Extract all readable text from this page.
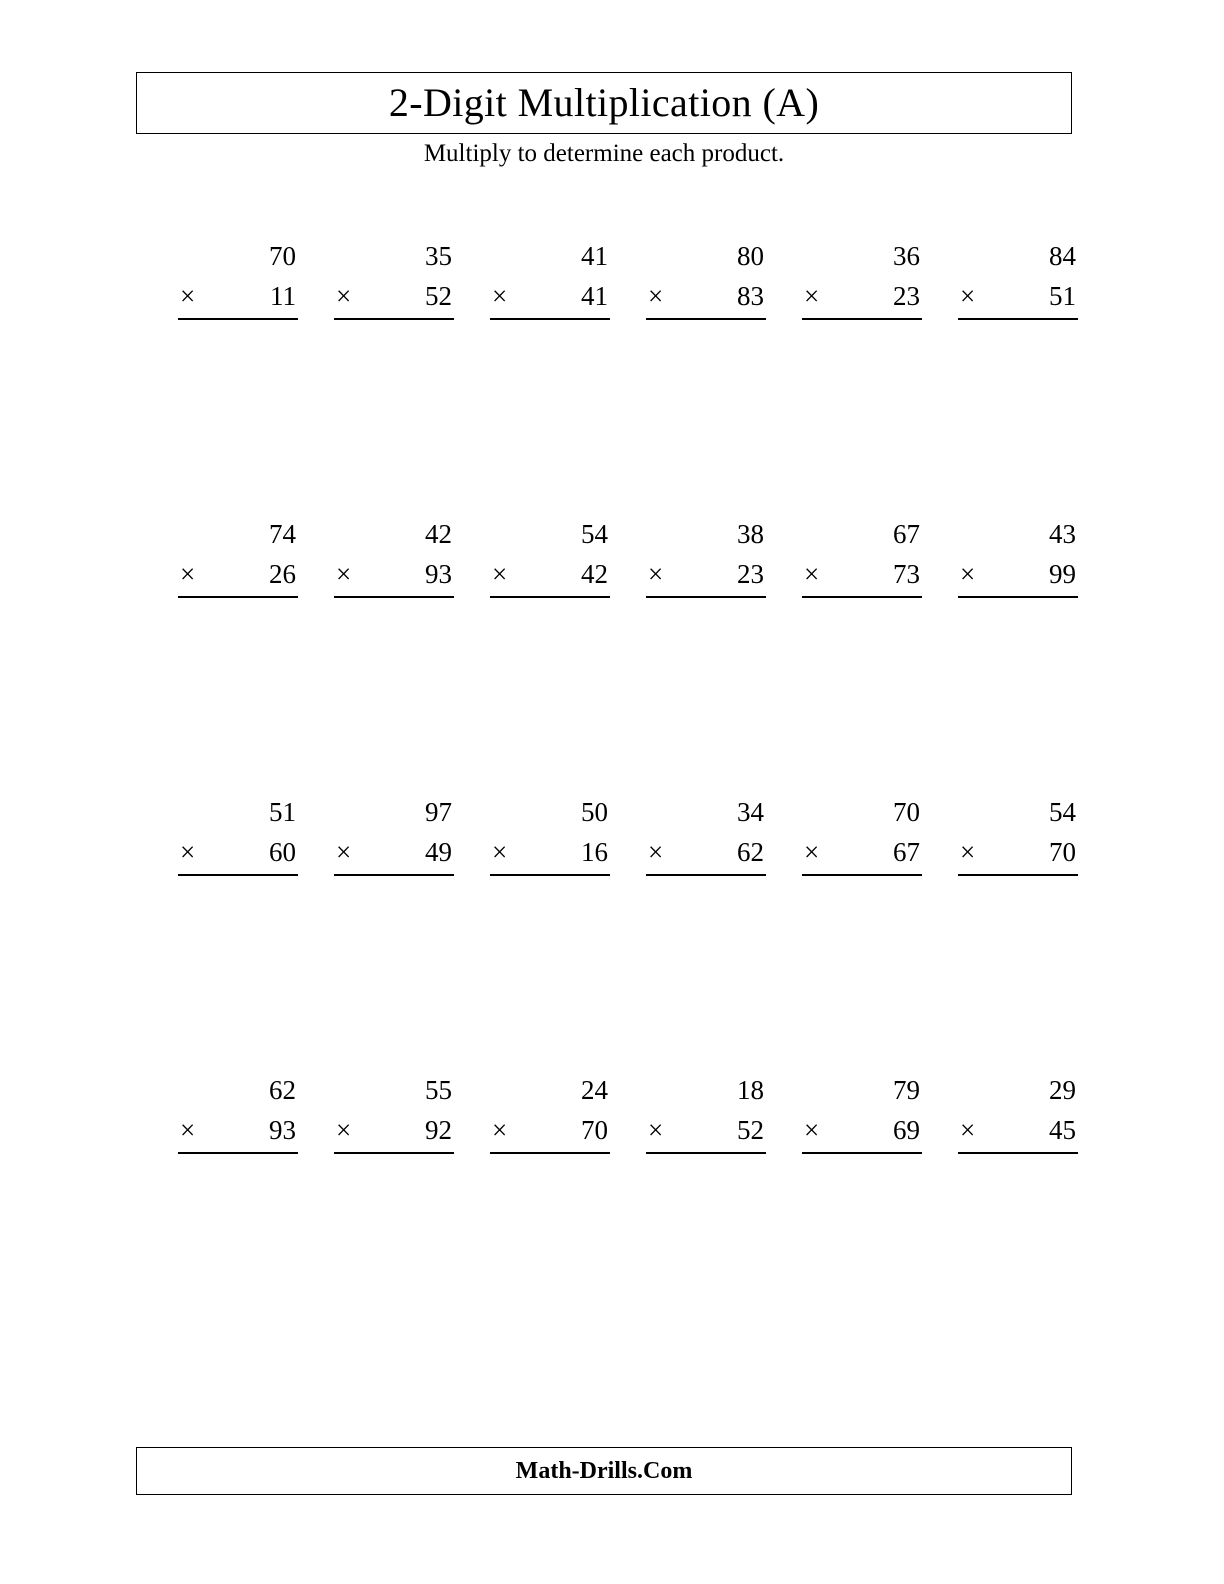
2-Digit Multiplication (A)
Multiply to determine each product.
70
×	11
35
×	52
41
×	41
80
×	83
36
×	23
84
×	51
74
×	26
42
×	93
54
×	42
38
×	23
67
×	73
43
×	99
51
×	60
97
×	49
50
×	16
34
×	62
70
×	67
54
×	70
62
×	93
55
×	92
24
×	70
18
×	52
79
×	69
29
×	45
Math-Drills.Com
